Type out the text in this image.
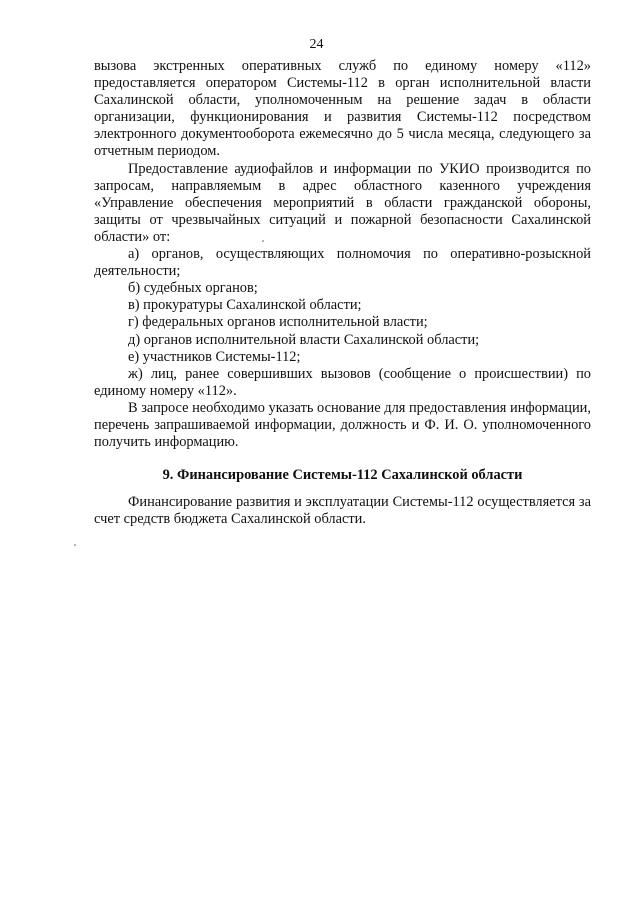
24

вызова экстренных оперативных служб по единому номеру «112» предоставляется оператором Системы-112 в орган исполнительной власти Сахалинской области, уполномоченным на решение задач в области организации, функционирования и развития Системы-112 посредством электронного документооборота ежемесячно до 5 числа месяца, следующего за отчетным периодом.

Предоставление аудиофайлов и информации по УКИО производится по запросам, направляемым в адрес областного казенного учреждения «Управление обеспечения мероприятий в области гражданской обороны, защиты от чрезвычайных ситуаций и пожарной безопасности Сахалинской области» от:

а) органов, осуществляющих полномочия по оперативно-розыскной деятельности;

б) судебных органов;

в) прокуратуры Сахалинской области;

г) федеральных органов исполнительной власти;

д) органов исполнительной власти Сахалинской области;

е) участников Системы-112;

ж) лиц, ранее совершивших вызовов (сообщение о происшествии) по единому номеру «112».

В запросе необходимо указать основание для предоставления информации, перечень запрашиваемой информации, должность и Ф. И. О. уполномоченного получить информацию.

9. Финансирование Системы-112 Сахалинской области

Финансирование развития и эксплуатации Системы-112 осуществляется за счет средств бюджета Сахалинской области.
